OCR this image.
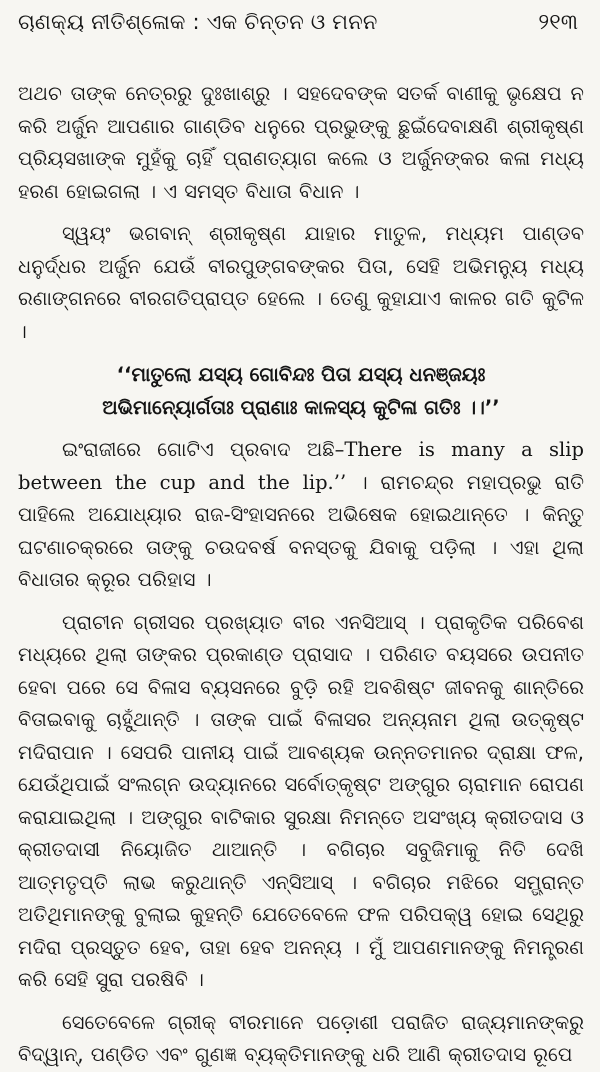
ଚାଣକ୍ୟ ନୀତିଶ୍ଳୋକ : ଏକ ଚିନ୍ତନ ଓ ମନନ	୨୧୩

ଅଥଚ ତାଙ୍କ ନେତ୍ରରୁ ଦୁଃଖାଶ୍ରୁ । ସହଦେବଙ୍କ ସତର୍କ ବାଣୀକୁ ଭୃକ୍ଷେପ ନ କରି ଅର୍ଜୁନ ଆପଣାର ଗାଣ୍ଡିବ ଧନୁରେ ପ୍ରଭୁଙ୍କୁ ଛୁଇଁଦେବାକ୍ଷଣି ଶ୍ରୀକୃଷ୍ଣ ପ୍ରିୟସଖାଙ୍କ ମୁହଁକୁ ଚାହିଁ ପ୍ରାଣତ୍ୟାଗ କଲେ ଓ ଅର୍ଜୁନଙ୍କର କଳା ମଧ୍ୟ ହରଣ ହୋଇଗଲା । ଏ ସମସ୍ତ ବିଧାତା ବିଧାନ ।

ସ୍ୱୟଂ ଭଗବାନ୍ ଶ୍ରୀକୃଷ୍ଣ ଯାହାର ମାତୁଳ, ମଧ୍ୟମ ପାଣ୍ଡବ ଧନୁର୍ଦ୍ଧର ଅର୍ଜୁନ ଯେଉଁ ବୀରପୁଙ୍ଗବଙ୍କର ପିତା, ସେହି ଅଭିମନ୍ୟୁ ମଧ୍ୟ ରଣାଙ୍ଗନରେ ବୀରଗତିପ୍ରାପ୍ତ ହେଲେ । ତେଣୁ କୁହାଯାଏ କାଳର ଗତି କୁଟିଳ ।

‘‘ମାତୁଲୋ ଯସ୍ୟ ଗୋବିନ୍ଦଃ ପିତା ଯସ୍ୟ ଧନଞ୍ଜୟଃ
ଅଭିମାନ୍ୟୋର୍ଗତାଃ ପ୍ରାଣାଃ କାଳସ୍ୟ କୁଟିଳା ଗତିଃ ।।’’

ଇଂରାଜୀରେ ଗୋଟିଏ ପ୍ରବାଦ ଅଛି–There is many a slip between the cup and the lip.’’ । ରାମଚନ୍ଦ୍ର ମହାପ୍ରଭୁ ରାତି ପାହିଲେ ଅଯୋଧ୍ୟାର ରାଜ-ସିଂହାସନରେ ଅଭିଷେକ ହୋଇଥାନ୍ତେ । କିନ୍ତୁ ଘଟଣାଚକ୍ରରେ ତାଙ୍କୁ ଚଉଦବର୍ଷ ବନସ୍ତକୁ ଯିବାକୁ ପଡ଼ିଲା । ଏହା ଥିଲା ବିଧାତାର କ୍ରୂର ପରିହାସ ।

ପ୍ରାଚୀନ ଗ୍ରୀସର ପ୍ରଖ୍ୟାତ ବୀର ଏନସିଆସ୍ । ପ୍ରାକୃତିକ ପରିବେଶ ମଧ୍ୟରେ ଥିଲା ତାଙ୍କର ପ୍ରକାଣ୍ଡ ପ୍ରାସାଦ । ପରିଣତ ବୟସରେ ଉପନୀତ ହେବା ପରେ ସେ ବିଳାସ ବ୍ୟସନରେ ବୁଡ଼ି ରହି ଅବଶିଷ୍ଟ ଜୀବନକୁ ଶାନ୍ତିରେ ବିତାଇବାକୁ ଚାହୁଁଥାନ୍ତି । ତାଙ୍କ ପାଇଁ ବିଳାସର ଅନ୍ୟନାମ ଥିଲା ଉତ୍କୃଷ୍ଟ ମଦିରାପାନ । ସେପରି ପାନୀୟ ପାଇଁ ଆବଶ୍ୟକ ଉନ୍ନତମାନର ଦ୍ରାକ୍ଷା ଫଳ, ଯେଉଁଥିପାଇଁ ସଂଲଗ୍ନ ଉଦ୍ୟାନରେ ସର୍ବୋତ୍କୃଷ୍ଟ ଅଙ୍ଗୁର ଚାରାମାନ ରୋପଣ କରାଯାଇଥିଲା । ଅଙ୍ଗୁର ବାଟିକାର ସୁରକ୍ଷା ନିମନ୍ତେ ଅସଂଖ୍ୟ କ୍ରୀତଦାସ ଓ କ୍ରୀତଦାସୀ ନିୟୋଜିତ ଥାଆନ୍ତି । ବଗିଚାର ସବୁଜିମାକୁ ନିତି ଦେଖି ଆତ୍ମତୃପ୍ତି ଲାଭ କରୁଥାନ୍ତି ଏନ୍‌ସିଆସ୍ । ବଗିଚାର ମଝିରେ ସମ୍ଭ୍ରାନ୍ତ ଅତିଥିମାନଙ୍କୁ ବୁଲାଇ କୁହନ୍ତି ଯେତେବେଳେ ଫଳ ପରିପକ୍ୱ ହୋଇ ସେଥିରୁ ମଦିରା ପ୍ରସ୍ତୁତ ହେବ, ତାହା ହେବ ଅନନ୍ୟ । ମୁଁ ଆପଣମାନଙ୍କୁ ନିମନ୍ତ୍ରଣ କରି ସେହି ସୁରା ପରଷିବି ।

ସେତେବେଳେ ଗ୍ରୀକ୍ ବୀରମାନେ ପଡ଼ୋଶୀ ପରାଜିତ ରାଜ୍ୟମାନଙ୍କରୁ ବିଦ୍ୱାନ୍, ପଣ୍ଡିତ ଏବଂ ଗୁଣଜ୍ଞ ବ୍ୟକ୍ତିମାନଙ୍କୁ ଧରି ଆଣି କ୍ରୀତଦାସ ରୂପେ
